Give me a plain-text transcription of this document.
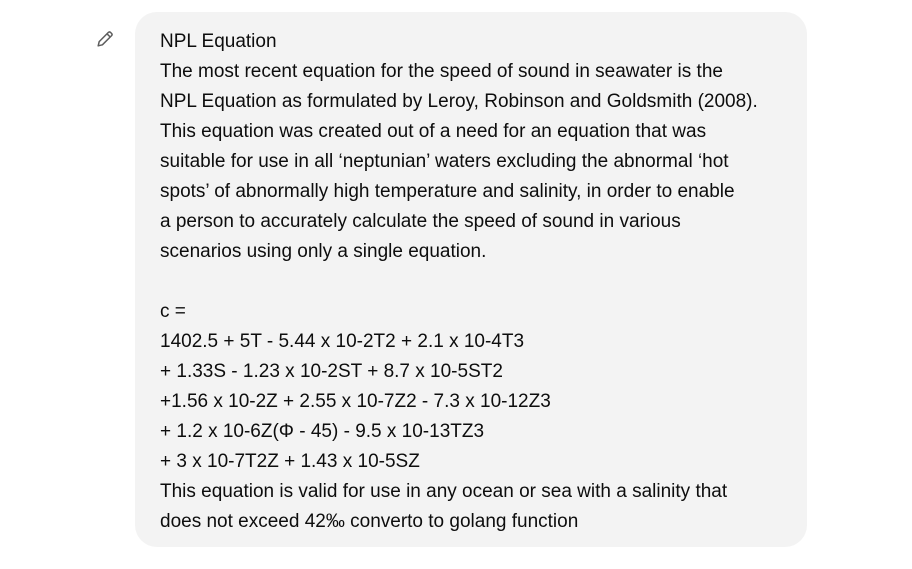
NPL Equation
The most recent equation for the speed of sound in seawater is the
NPL Equation as formulated by Leroy, Robinson and Goldsmith (2008).
This equation was created out of a need for an equation that was
suitable for use in all ‘neptunian’ waters excluding the abnormal ‘hot
spots’ of abnormally high temperature and salinity, in order to enable
a person to accurately calculate the speed of sound in various
scenarios using only a single equation.
c =
1402.5 + 5T - 5.44 x 10-2T2 + 2.1 x 10-4T3
+ 1.33S - 1.23 x 10-2ST + 8.7 x 10-5ST2
+1.56 x 10-2Z + 2.55 x 10-7Z2 - 7.3 x 10-12Z3
+ 1.2 x 10-6Z(Φ - 45) - 9.5 x 10-13TZ3
+ 3 x 10-7T2Z + 1.43 x 10-5SZ
This equation is valid for use in any ocean or sea with a salinity that
does not exceed 42‰ converto to golang function
